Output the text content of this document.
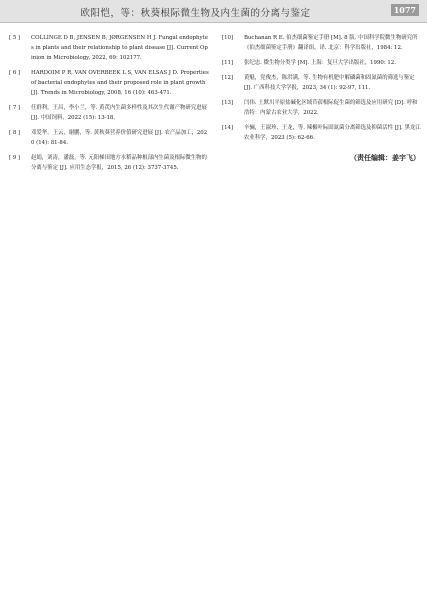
欧阳恺，等：秋葵根际微生物及内生菌的分离与鉴定	1077
[ 5 ]	COLLINGE D B, JENSEN B, JØRGENSEN H J. Fungal endophytes in plants and their relationship to plant disease [J]. Current Opinion in Microbiology, 2022, 69: 102177.
[ 6 ]	HARDOIM P R, VAN OVERBEEK L S, VAN ELSAS J D. Properties of bacterial endophytes and their proposed role in plant growth [J]. Trends in Microbiology, 2008, 16 (10): 463-471.
[ 7 ]	任群利，王昌，李小兰，等. 黄芪内生菌多样性及其次生代谢产物研究进展 [J]. 中国饲料，2022 (15): 13-18.
[ 8 ]	邓爱华，王云，谢鹏，等. 黄秋葵营养价值研究进展 [J]. 农产品加工，2020 (14): 81-84.
[ 9 ]	赵娟，刘涛，潘磊，等. 元阳梯田地方水稻品种根部内生菌及根际微生物的分离与鉴定 [J]. 应用生态学报，2015, 26 (12): 3737-3745.
[10]	Buchanan R E. 伯杰细菌鉴定手册 [M]. 8 版. 中国科学院微生物研究所《伯杰细菌鉴定手册》翻译组，译. 北京：科学出版社，1984: 12.
[11]	张纪忠. 微生物分类学 [M]. 上海：复旦大学出版社，1990: 12.
[12]	黄魁，党俊杰，陈洪满，等. 生物有机肥中解磷菌和固氮菌的筛选与鉴定 [J]. 广西科技大学学报，2023, 34 (1): 92-97, 111.
[13]	闫伟. 土默川平原盐碱化区域苜蓿根际促生菌的筛选及应用研究 [D]. 呼和浩特：内蒙古农业大学，2022.
[14]	辛骊，王淑珍，王龙，等. 辣椒叶际固氮菌分离筛选及抑菌活性 [J]. 黑龙江农业科学，2023 (5): 62-66.
（责任编辑：姜宇飞）
